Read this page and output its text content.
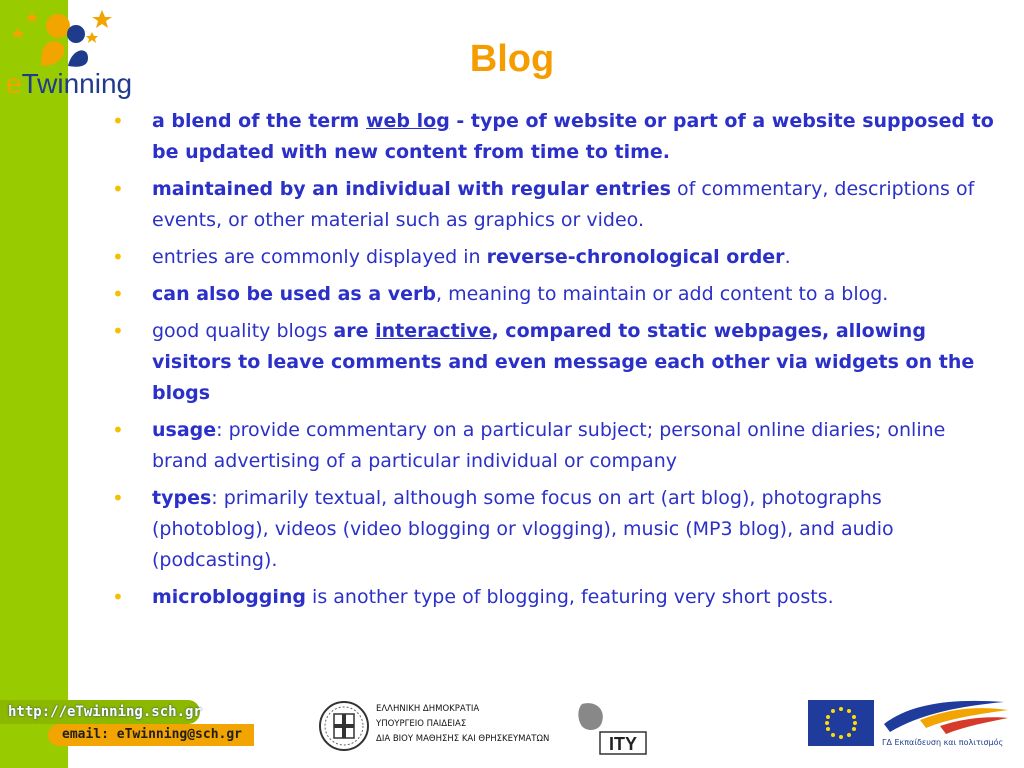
eTwinning
Blog
• a blend of the term web log - type of website or part of a website supposed to be updated with new content from time to time.
• maintained by an individual with regular entries of commentary, descriptions of events, or other material such as graphics or video.
• entries are commonly displayed in reverse-chronological order.
• can also be used as a verb, meaning to maintain or add content to a blog.
• good quality blogs are interactive, compared to static webpages, allowing visitors to leave comments and even message each other via widgets on the blogs
• usage: provide commentary on a particular subject; personal online diaries; online brand advertising of a particular individual or company
• types: primarily textual, although some focus on art (art blog), photographs (photoblog), videos (video blogging or vlogging), music (MP3 blog), and audio (podcasting).
• microblogging is another type of blogging, featuring very short posts.
http://eTwinning.sch.gr
email: eTwinning@sch.gr
ΕΛΛΗΝΙΚΗ ΔΗΜΟΚΡΑΤΙΑ
ΥΠΟΥΡΓΕΙΟ ΠΑΙΔΕΙΑΣ
ΔΙΑ ΒΙΟΥ ΜΑΘΗΣΗΣ ΚΑΙ ΘΡΗΣΚΕΥΜΑΤΩΝ	ITY	ΓΔ Εκπαίδευση και πολιτισμός
